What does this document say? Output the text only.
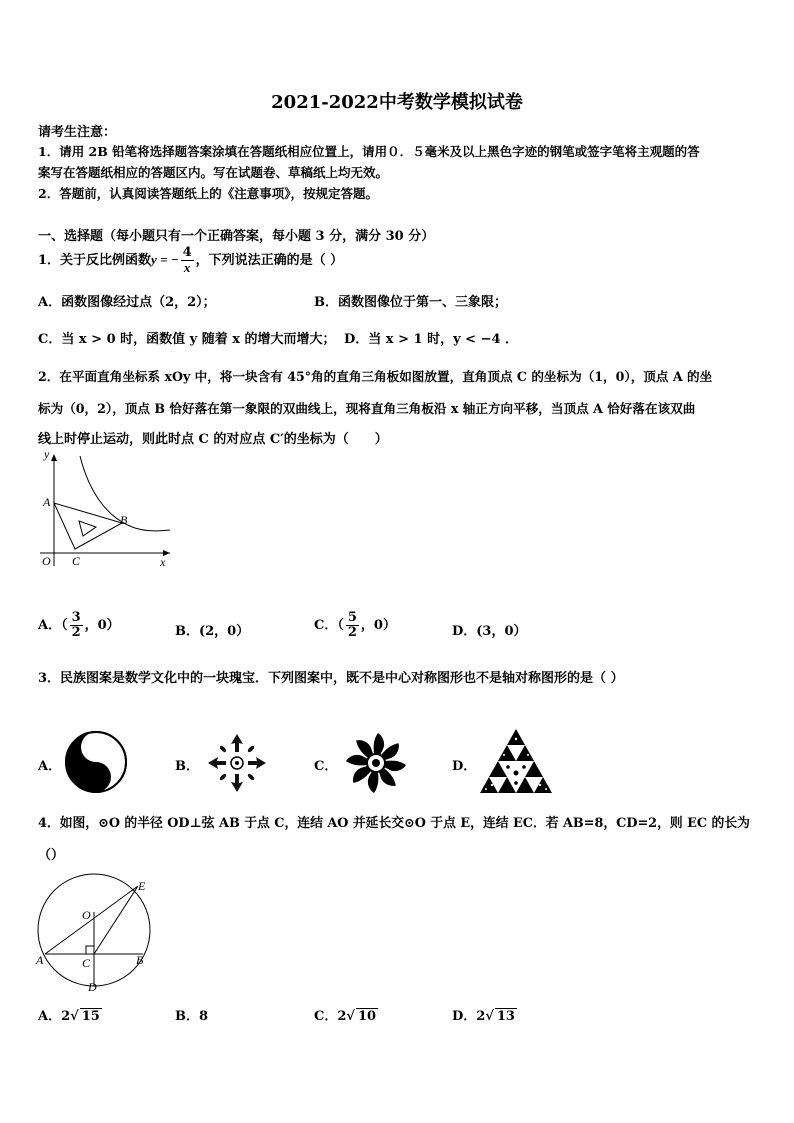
2021-2022中考数学模拟试卷
请考生注意：
1．请用 2B 铅笔将选择题答案涂填在答题纸相应位置上，请用０．５毫米及以上黑色字迹的钢笔或签字笔将主观题的答
案写在答题纸相应的答题区内。写在试题卷、草稿纸上均无效。
2．答题前，认真阅读答题纸上的《注意事项》，按规定答题。
一、选择题（每小题只有一个正确答案，每小题 3 分，满分 30 分）
1．关于反比例函数y = − $\frac{4}{x}$ ，下列说法正确的是（ ）
A．函数图像经过点（2，2）；	B．函数图像位于第一、三象限；
C．当 x > 0 时，函数值 y 随着 x 的增大而增大； D．当 x > 1 时，y < −4 ．
2．在平面直角坐标系 xOy 中，将一块含有 45°角的直角三角板如图放置，直角顶点 C 的坐标为（1，0），顶点 A 的坐
标为（0，2），顶点 B 恰好落在第一象限的双曲线上，现将直角三角板沿 x 轴正方向平移，当顶点 A 恰好落在该双曲
线上时停止运动，则此时点 C 的对应点 C′的坐标为（　　）
y
x
A
B
C
O
A．（ $\frac{3}{2}$ ，0）	B．(2，0）	C．（ $\frac{5}{2}$ ，0）	D．(3，0）
3．民族图案是数学文化中的一块瑰宝．下列图案中，既不是中心对称图形也不是轴对称图形的是（ ）
A．	B．	C．	D．
4．如图，⊙O 的半径 OD⊥弦 AB 于点 C，连结 AO 并延长交⊙O 于点 E，连结 EC．若 AB=8，CD=2，则 EC 的长为
（）
E
O
A	C	B
D
A．2√ 15	B．8	C．2√ 10	D．2√ 13
